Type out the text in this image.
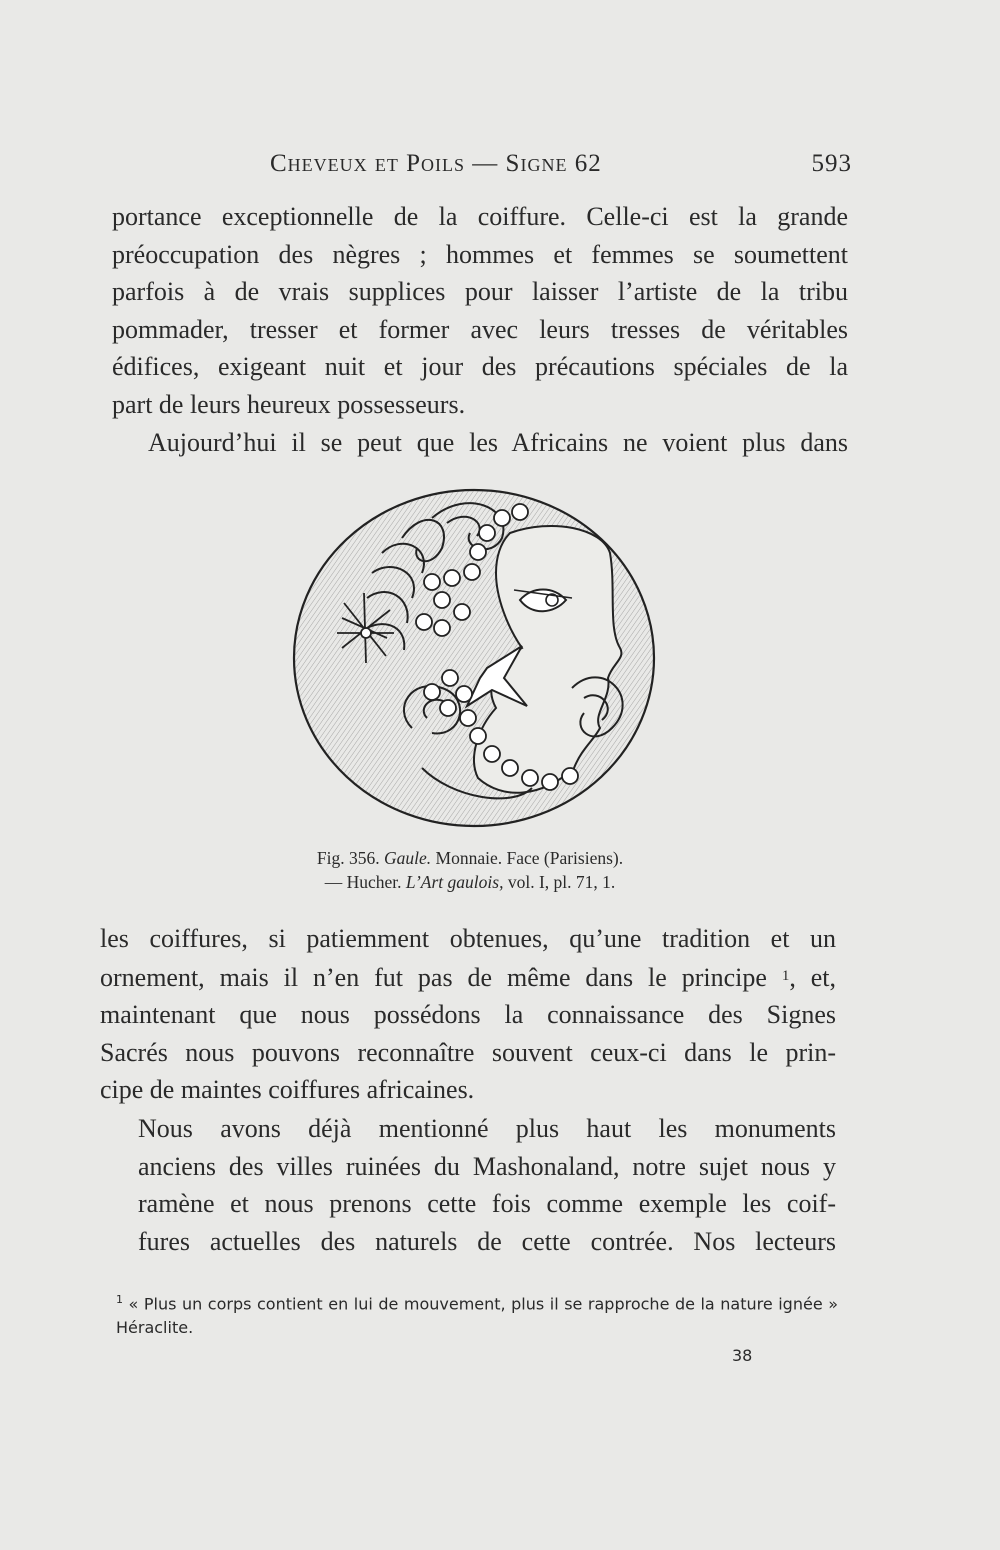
Cheveux et Poils — Signe 62	593
portance exceptionnelle de la coiffure. Celle-ci est la grande
préoccupation des nègres ; hommes et femmes se soumettent
parfois à de vrais supplices pour laisser l’artiste de la tribu
pommader, tresser et former avec leurs tresses de véritables
édifices, exigeant nuit et jour des précautions spéciales de la
part de leurs heureux possesseurs.
Aujourd’hui il se peut que les Africains ne voient plus dans
Fig. 356. Gaule. Monnaie. Face (Parisiens).
— Hucher. L’Art gaulois, vol. I, pl. 71, 1.
les coiffures, si patiemment obtenues, qu’une tradition et un
ornement, mais il n’en fut pas de même dans le principe $^1$, et,
maintenant que nous possédons la connaissance des Signes
Sacrés nous pouvons reconnaître souvent ceux-ci dans le prin-
cipe de maintes coiffures africaines.
Nous avons déjà mentionné plus haut les monuments
anciens des villes ruinées du Mashonaland, notre sujet nous y
ramène et nous prenons cette fois comme exemple les coif-
fures actuelles des naturels de cette contrée. Nos lecteurs
$^1$ « Plus un corps contient en lui de mouvement, plus il se rapproche de la nature ignée » Héraclite.
38
